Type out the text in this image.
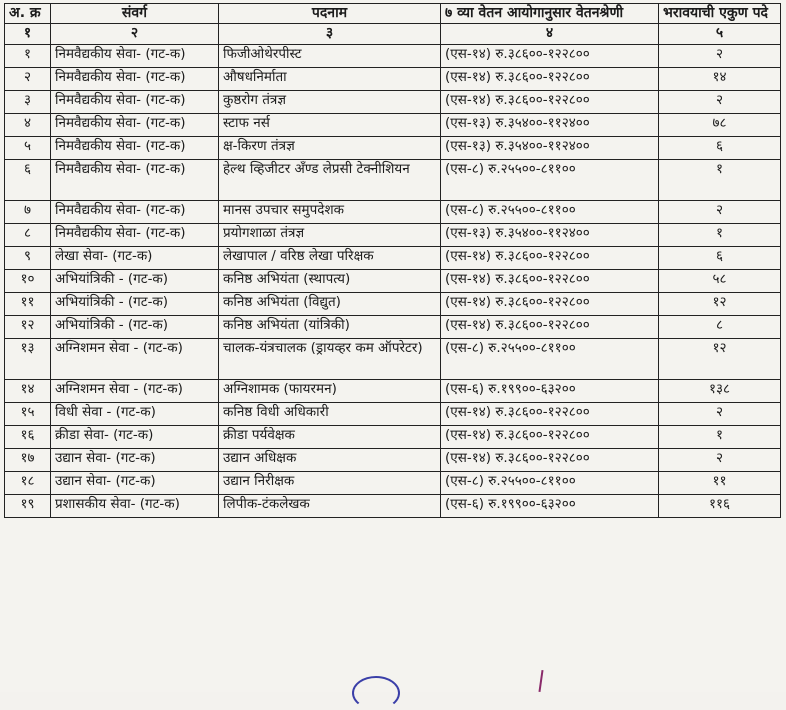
अ. क्र	संवर्ग	पदनाम	७ व्या वेतन आयोगानुसार वेतनश्रेणी	भरावयाची एकुण पदे
१	२	३	४	५
१	निमवैद्यकीय सेवा- (गट-क)	फिजीओथेरपीस्ट	(एस-१४) रु.३८६००-१२२८००	२
२	निमवैद्यकीय सेवा- (गट-क)	औषधनिर्माता	(एस-१४) रु.३८६००-१२२८००	१४
३	निमवैद्यकीय सेवा- (गट-क)	कुष्ठरोग तंत्रज्ञ	(एस-१४) रु.३८६००-१२२८००	२
४	निमवैद्यकीय सेवा- (गट-क)	स्टाफ नर्स	(एस-१३) रु.३५४००-११२४००	७८
५	निमवैद्यकीय सेवा- (गट-क)	क्ष-किरण तंत्रज्ञ	(एस-१३) रु.३५४००-११२४००	६
६	निमवैद्यकीय सेवा- (गट-क)	हेल्थ व्हिजीटर अँण्ड लेप्रसी टेक्नीशियन	(एस-८) रु.२५५००-८११००	१
७	निमवैद्यकीय सेवा- (गट-क)	मानस उपचार समुपदेशक	(एस-८) रु.२५५००-८११००	२
८	निमवैद्यकीय सेवा- (गट-क)	प्रयोगशाळा तंत्रज्ञ	(एस-१३) रु.३५४००-११२४००	१
९	लेखा सेवा- (गट-क)	लेखापाल / वरिष्ठ लेखा परिक्षक	(एस-१४) रु.३८६००-१२२८००	६
१०	अभियांत्रिकी - (गट-क)	कनिष्ठ अभियंता (स्थापत्य)	(एस-१४) रु.३८६००-१२२८००	५८
११	अभियांत्रिकी - (गट-क)	कनिष्ठ अभियंता (विद्युत)	(एस-१४) रु.३८६००-१२२८००	१२
१२	अभियांत्रिकी - (गट-क)	कनिष्ठ अभियंता (यांत्रिकी)	(एस-१४) रु.३८६००-१२२८००	८
१३	अग्निशमन सेवा - (गट-क)	चालक-यंत्रचालक (ड्रायव्हर कम ऑपरेटर)	(एस-८) रु.२५५००-८११००	१२
१४	अग्निशमन सेवा - (गट-क)	अग्निशामक (फायरमन)	(एस-६) रु.१९९००-६३२००	१३८
१५	विधी सेवा - (गट-क)	कनिष्ठ विधी अधिकारी	(एस-१४) रु.३८६००-१२२८००	२
१६	क्रीडा सेवा- (गट-क)	क्रीडा पर्यवेक्षक	(एस-१४) रु.३८६००-१२२८००	१
१७	उद्यान सेवा- (गट-क)	उद्यान अधिक्षक	(एस-१४) रु.३८६००-१२२८००	२
१८	उद्यान सेवा- (गट-क)	उद्यान निरीक्षक	(एस-८) रु.२५५००-८११००	११
१९	प्रशासकीय सेवा- (गट-क)	लिपीक-टंकलेखक	(एस-६) रु.१९९००-६३२००	११६
